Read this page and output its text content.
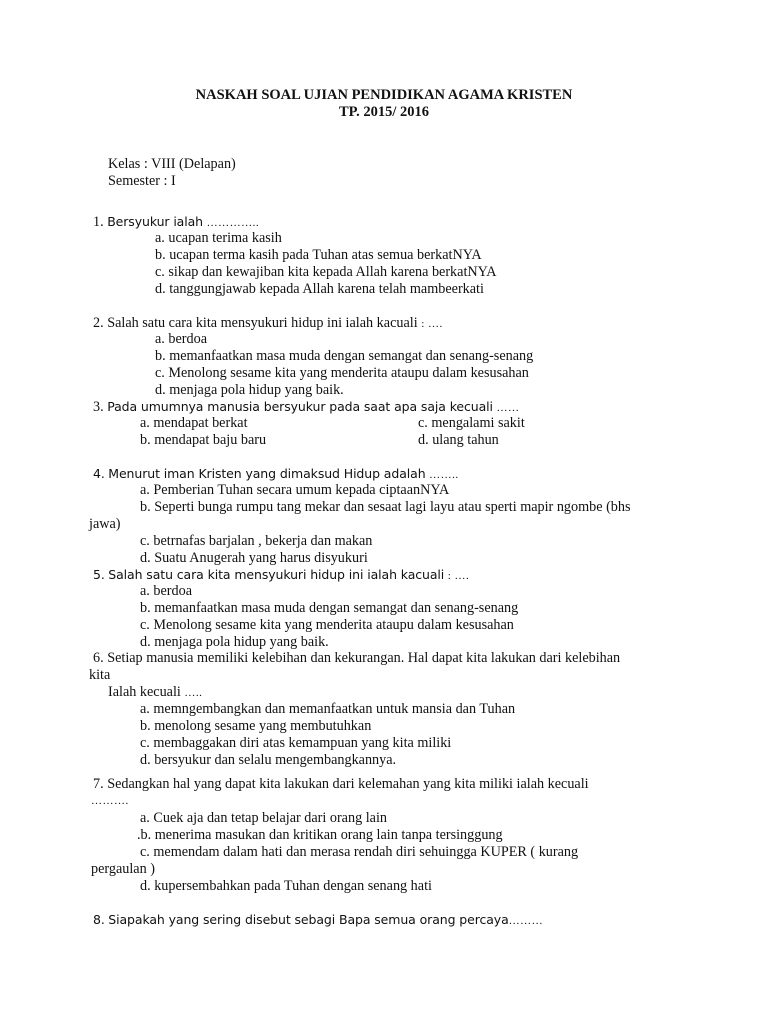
NASKAH SOAL UJIAN PENDIDIKAN AGAMA KRISTEN
TP. 2015/ 2016
Kelas : VIII (Delapan)
Semester : I
1. Bersyukur ialah …………..
a. ucapan terima kasih
b. ucapan terma kasih pada Tuhan atas semua berkatNYA
c. sikap dan kewajiban kita kepada Allah karena berkatNYA
d. tanggungjawab kepada Allah karena telah mambeerkati
2. Salah satu cara kita mensyukuri hidup ini ialah kacuali : ….
a. berdoa
b. memanfaatkan masa muda dengan semangat dan senang-senang
c. Menolong sesame kita yang menderita ataupu dalam kesusahan
d. menjaga pola hidup yang baik.
3. Pada umumnya manusia bersyukur pada saat apa saja kecuali ……
a. mendapat berkat
b. mendapat baju baru
c. mengalami sakit
d. ulang tahun
4. Menurut iman Kristen yang dimaksud Hidup adalah ……..
a. Pemberian Tuhan secara umum kepada ciptaanNYA
b. Seperti bunga rumpu tang mekar dan sesaat lagi layu atau sperti mapir ngombe (bhs
jawa)
c. betrnafas barjalan , bekerja dan makan
d. Suatu Anugerah yang harus disyukuri
5. Salah satu cara kita mensyukuri hidup ini ialah kacuali : ….
a. berdoa
b. memanfaatkan masa muda dengan semangat dan senang-senang
c. Menolong sesame kita yang menderita ataupu dalam kesusahan
d. menjaga pola hidup yang baik.
6. Setiap manusia memiliki kelebihan dan kekurangan. Hal dapat kita lakukan dari kelebihan
kita
Ialah kecuali …..
a. memngembangkan dan memanfaatkan untuk mansia dan Tuhan
b. menolong sesame yang membutuhkan
c. membaggakan diri atas kemampuan yang kita miliki
d. bersyukur dan selalu mengembangkannya.
7. Sedangkan hal yang dapat kita lakukan dari kelemahan yang kita miliki ialah kecuali
……….
a. Cuek aja dan tetap belajar dari orang lain
.b. menerima masukan dan kritikan orang lain tanpa tersinggung
c. memendam dalam hati dan merasa rendah diri sehuingga KUPER ( kurang
pergaulan )
d. kupersembahkan pada Tuhan dengan senang hati
8. Siapakah yang sering disebut sebagi Bapa semua orang percaya………
